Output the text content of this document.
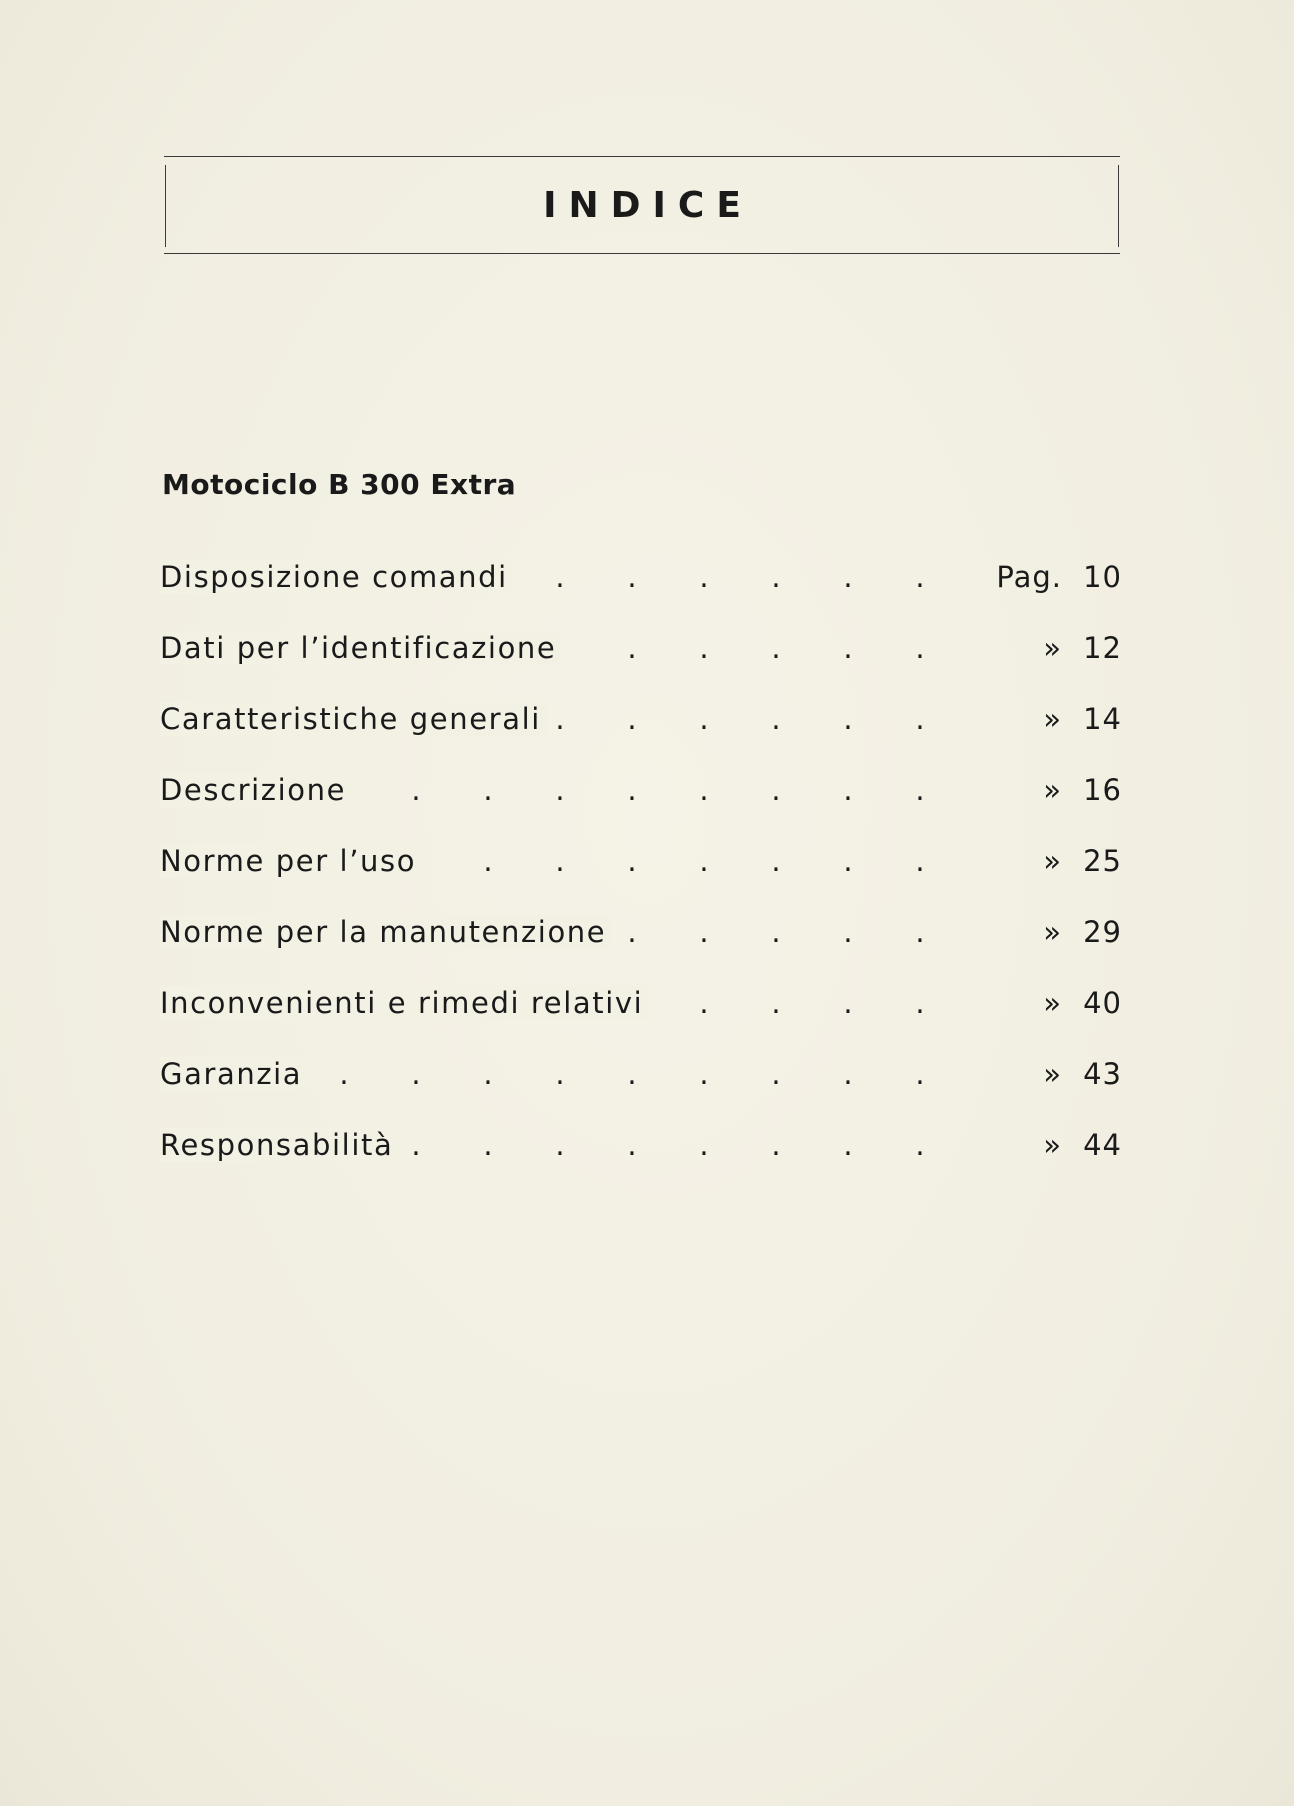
INDICE
Motociclo B 300 Extra
. . . . . .
Disposizione comandi	Pag. 10
. . . . .
Dati per l’identificazione	» 12
. . . . . .
Caratteristiche generali	» 14
. . . . . . . .
Descrizione	» 16
. . . . . . .
Norme per l’uso	» 25
. . . . .
Norme per la manutenzione	» 29
. . . .
Inconvenienti e rimedi relativi	» 40
. . . . . . . . .
Garanzia	» 43
. . . . . . . .
Responsabilità	» 44
